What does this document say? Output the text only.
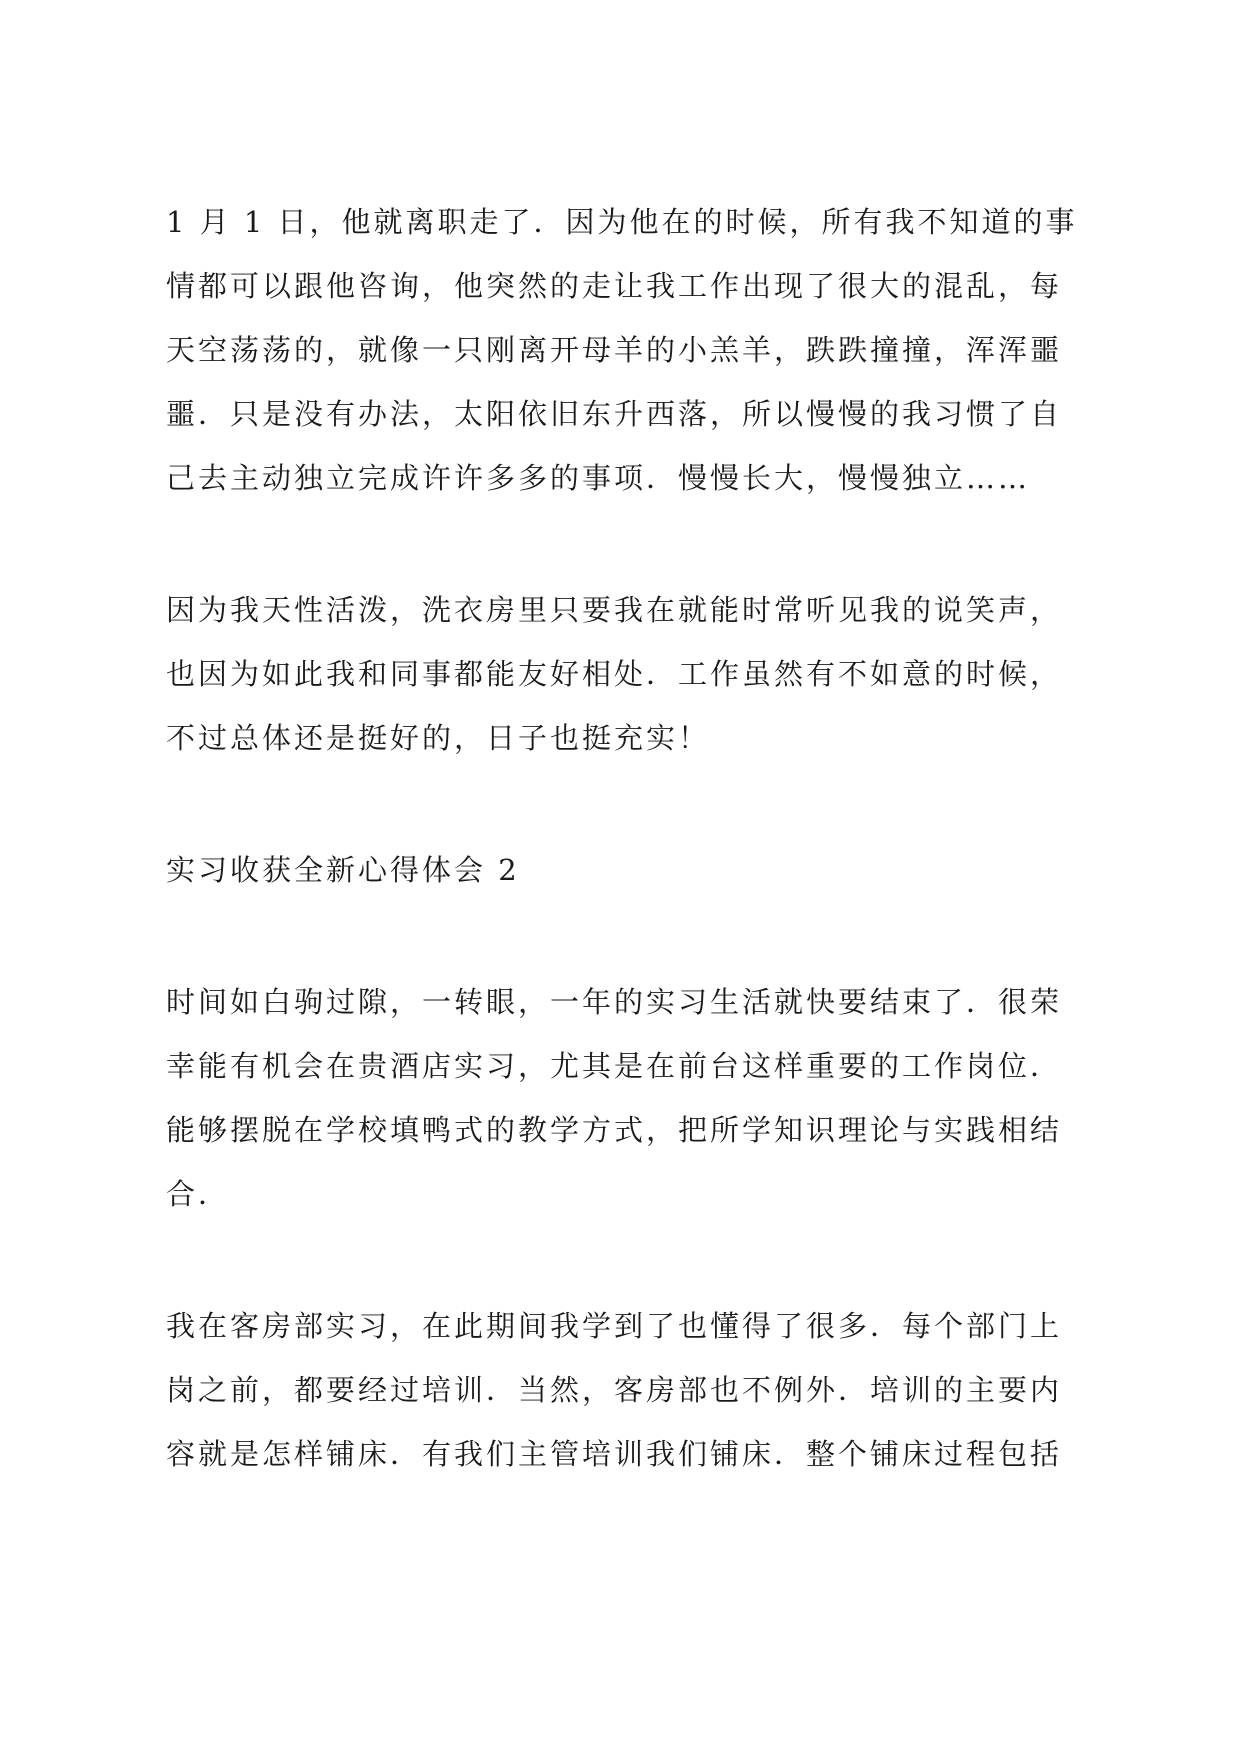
1 月 1 日，他就离职走了．因为他在的时候，所有我不知道的事
情都可以跟他咨询，他突然的走让我工作出现了很大的混乱，每
天空荡荡的，就像一只刚离开母羊的小羔羊，跌跌撞撞，浑浑噩
噩．只是没有办法，太阳依旧东升西落，所以慢慢的我习惯了自
己去主动独立完成许许多多的事项．慢慢长大，慢慢独立……

因为我天性活泼，洗衣房里只要我在就能时常听见我的说笑声，
也因为如此我和同事都能友好相处．工作虽然有不如意的时候，
不过总体还是挺好的，日子也挺充实！

实习收获全新心得体会 2

时间如白驹过隙，一转眼，一年的实习生活就快要结束了．很荣
幸能有机会在贵酒店实习，尤其是在前台这样重要的工作岗位．
能够摆脱在学校填鸭式的教学方式，把所学知识理论与实践相结
合．

我在客房部实习，在此期间我学到了也懂得了很多．每个部门上
岗之前，都要经过培训．当然，客房部也不例外．培训的主要内
容就是怎样铺床．有我们主管培训我们铺床．整个铺床过程包括
